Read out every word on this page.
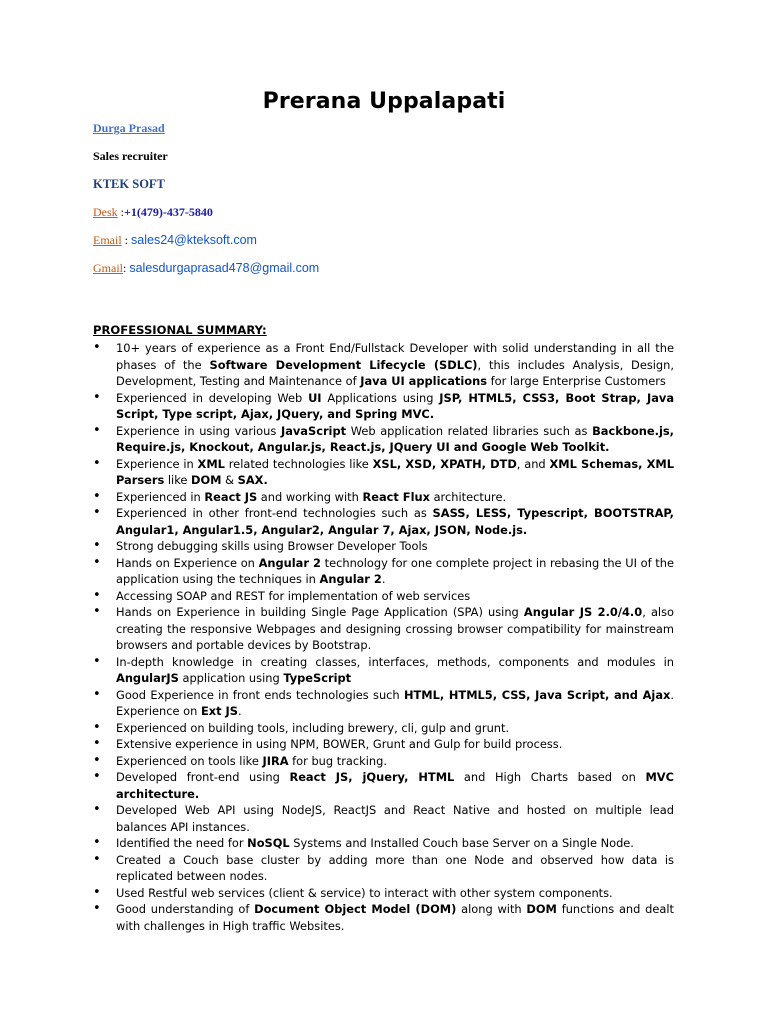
Prerana Uppalapati
Durga Prasad
Sales recruiter
KTEK SOFT
Desk :+1(479)-437-5840
Email : sales24@kteksoft.com
Gmail: salesdurgaprasad478@gmail.com
PROFESSIONAL SUMMARY:
• 10+ years of experience as a Front End/Fullstack Developer with solid understanding in all the phases of the Software Development Lifecycle (SDLC), this includes Analysis, Design, Development, Testing and Maintenance of Java UI applications for large Enterprise Customers
• Experienced in developing Web UI Applications using JSP, HTML5, CSS3, Boot Strap, Java Script, Type script, Ajax, JQuery, and Spring MVC.
• Experience in using various JavaScript Web application related libraries such as Backbone.js, Require.js, Knockout, Angular.js, React.js, JQuery UI and Google Web Toolkit.
• Experience in XML related technologies like XSL, XSD, XPATH, DTD, and XML Schemas, XML Parsers like DOM & SAX.
• Experienced in React JS and working with React Flux architecture.
• Experienced in other front-end technologies such as SASS, LESS, Typescript, BOOTSTRAP, Angular1, Angular1.5, Angular2, Angular 7, Ajax, JSON, Node.js.
• Strong debugging skills using Browser Developer Tools
• Hands on Experience on Angular 2 technology for one complete project in rebasing the UI of the application using the techniques in Angular 2.
• Accessing SOAP and REST for implementation of web services
• Hands on Experience in building Single Page Application (SPA) using Angular JS 2.0/4.0, also creating the responsive Webpages and designing crossing browser compatibility for mainstream browsers and portable devices by Bootstrap.
• In-depth knowledge in creating classes, interfaces, methods, components and modules in AngularJS application using TypeScript
• Good Experience in front ends technologies such HTML, HTML5, CSS, Java Script, and Ajax. Experience on Ext JS.
• Experienced on building tools, including brewery, cli, gulp and grunt.
• Extensive experience in using NPM, BOWER, Grunt and Gulp for build process.
• Experienced on tools like JIRA for bug tracking.
• Developed front-end using React JS, jQuery, HTML and High Charts based on MVC architecture.
• Developed Web API using NodeJS, ReactJS and React Native and hosted on multiple lead balances API instances.
• Identified the need for NoSQL Systems and Installed Couch base Server on a Single Node.
• Created a Couch base cluster by adding more than one Node and observed how data is replicated between nodes.
• Used Restful web services (client & service) to interact with other system components.
• Good understanding of Document Object Model (DOM) along with DOM functions and dealt with challenges in High traffic Websites.
